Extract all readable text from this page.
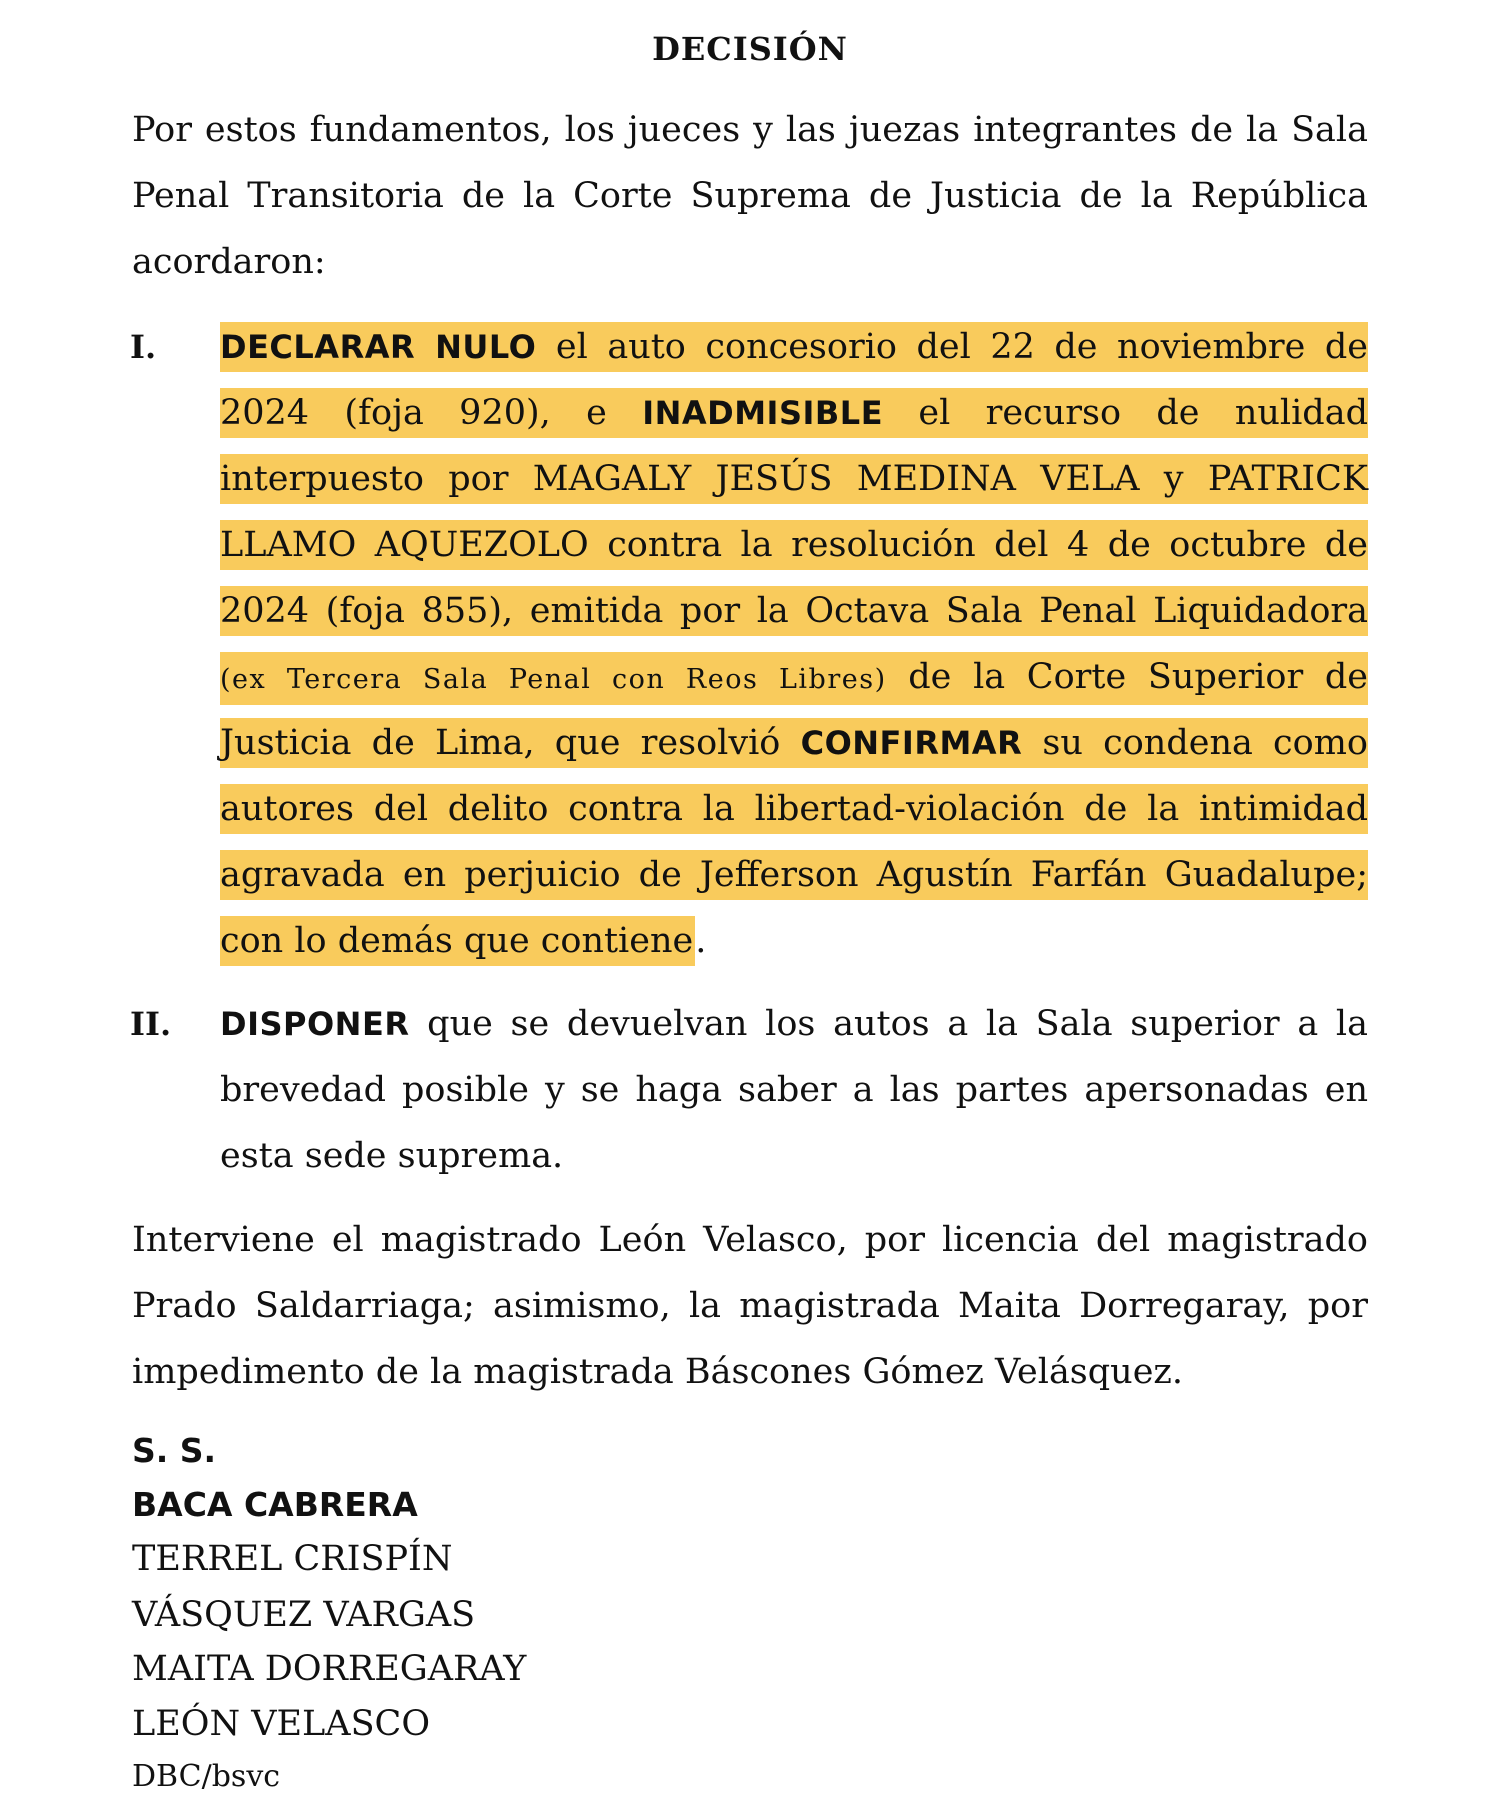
DECISIÓN
Por estos fundamentos, los jueces y las juezas integrantes de la Sala
Penal Transitoria de la Corte Suprema de Justicia de la República
acordaron:
I. DECLARAR NULO el auto concesorio del 22 de noviembre de
2024 (foja 920), e INADMISIBLE el recurso de nulidad
interpuesto por MAGALY JESÚS MEDINA VELA y PATRICK
LLAMO AQUEZOLO contra la resolución del 4 de octubre de
2024 (foja 855), emitida por la Octava Sala Penal Liquidadora
(ex Tercera Sala Penal con Reos Libres) de la Corte Superior de
Justicia de Lima, que resolvió CONFIRMAR su condena como
autores del delito contra la libertad-violación de la intimidad
agravada en perjuicio de Jefferson Agustín Farfán Guadalupe;
con lo demás que contiene.
II. DISPONER que se devuelvan los autos a la Sala superior a la
brevedad posible y se haga saber a las partes apersonadas en
esta sede suprema.
Interviene el magistrado León Velasco, por licencia del magistrado
Prado Saldarriaga; asimismo, la magistrada Maita Dorregaray, por
impedimento de la magistrada Báscones Gómez Velásquez.
S. S.
BACA CABRERA
TERREL CRISPÍN
VÁSQUEZ VARGAS
MAITA DORREGARAY
LEÓN VELASCO
DBC/bsvc
